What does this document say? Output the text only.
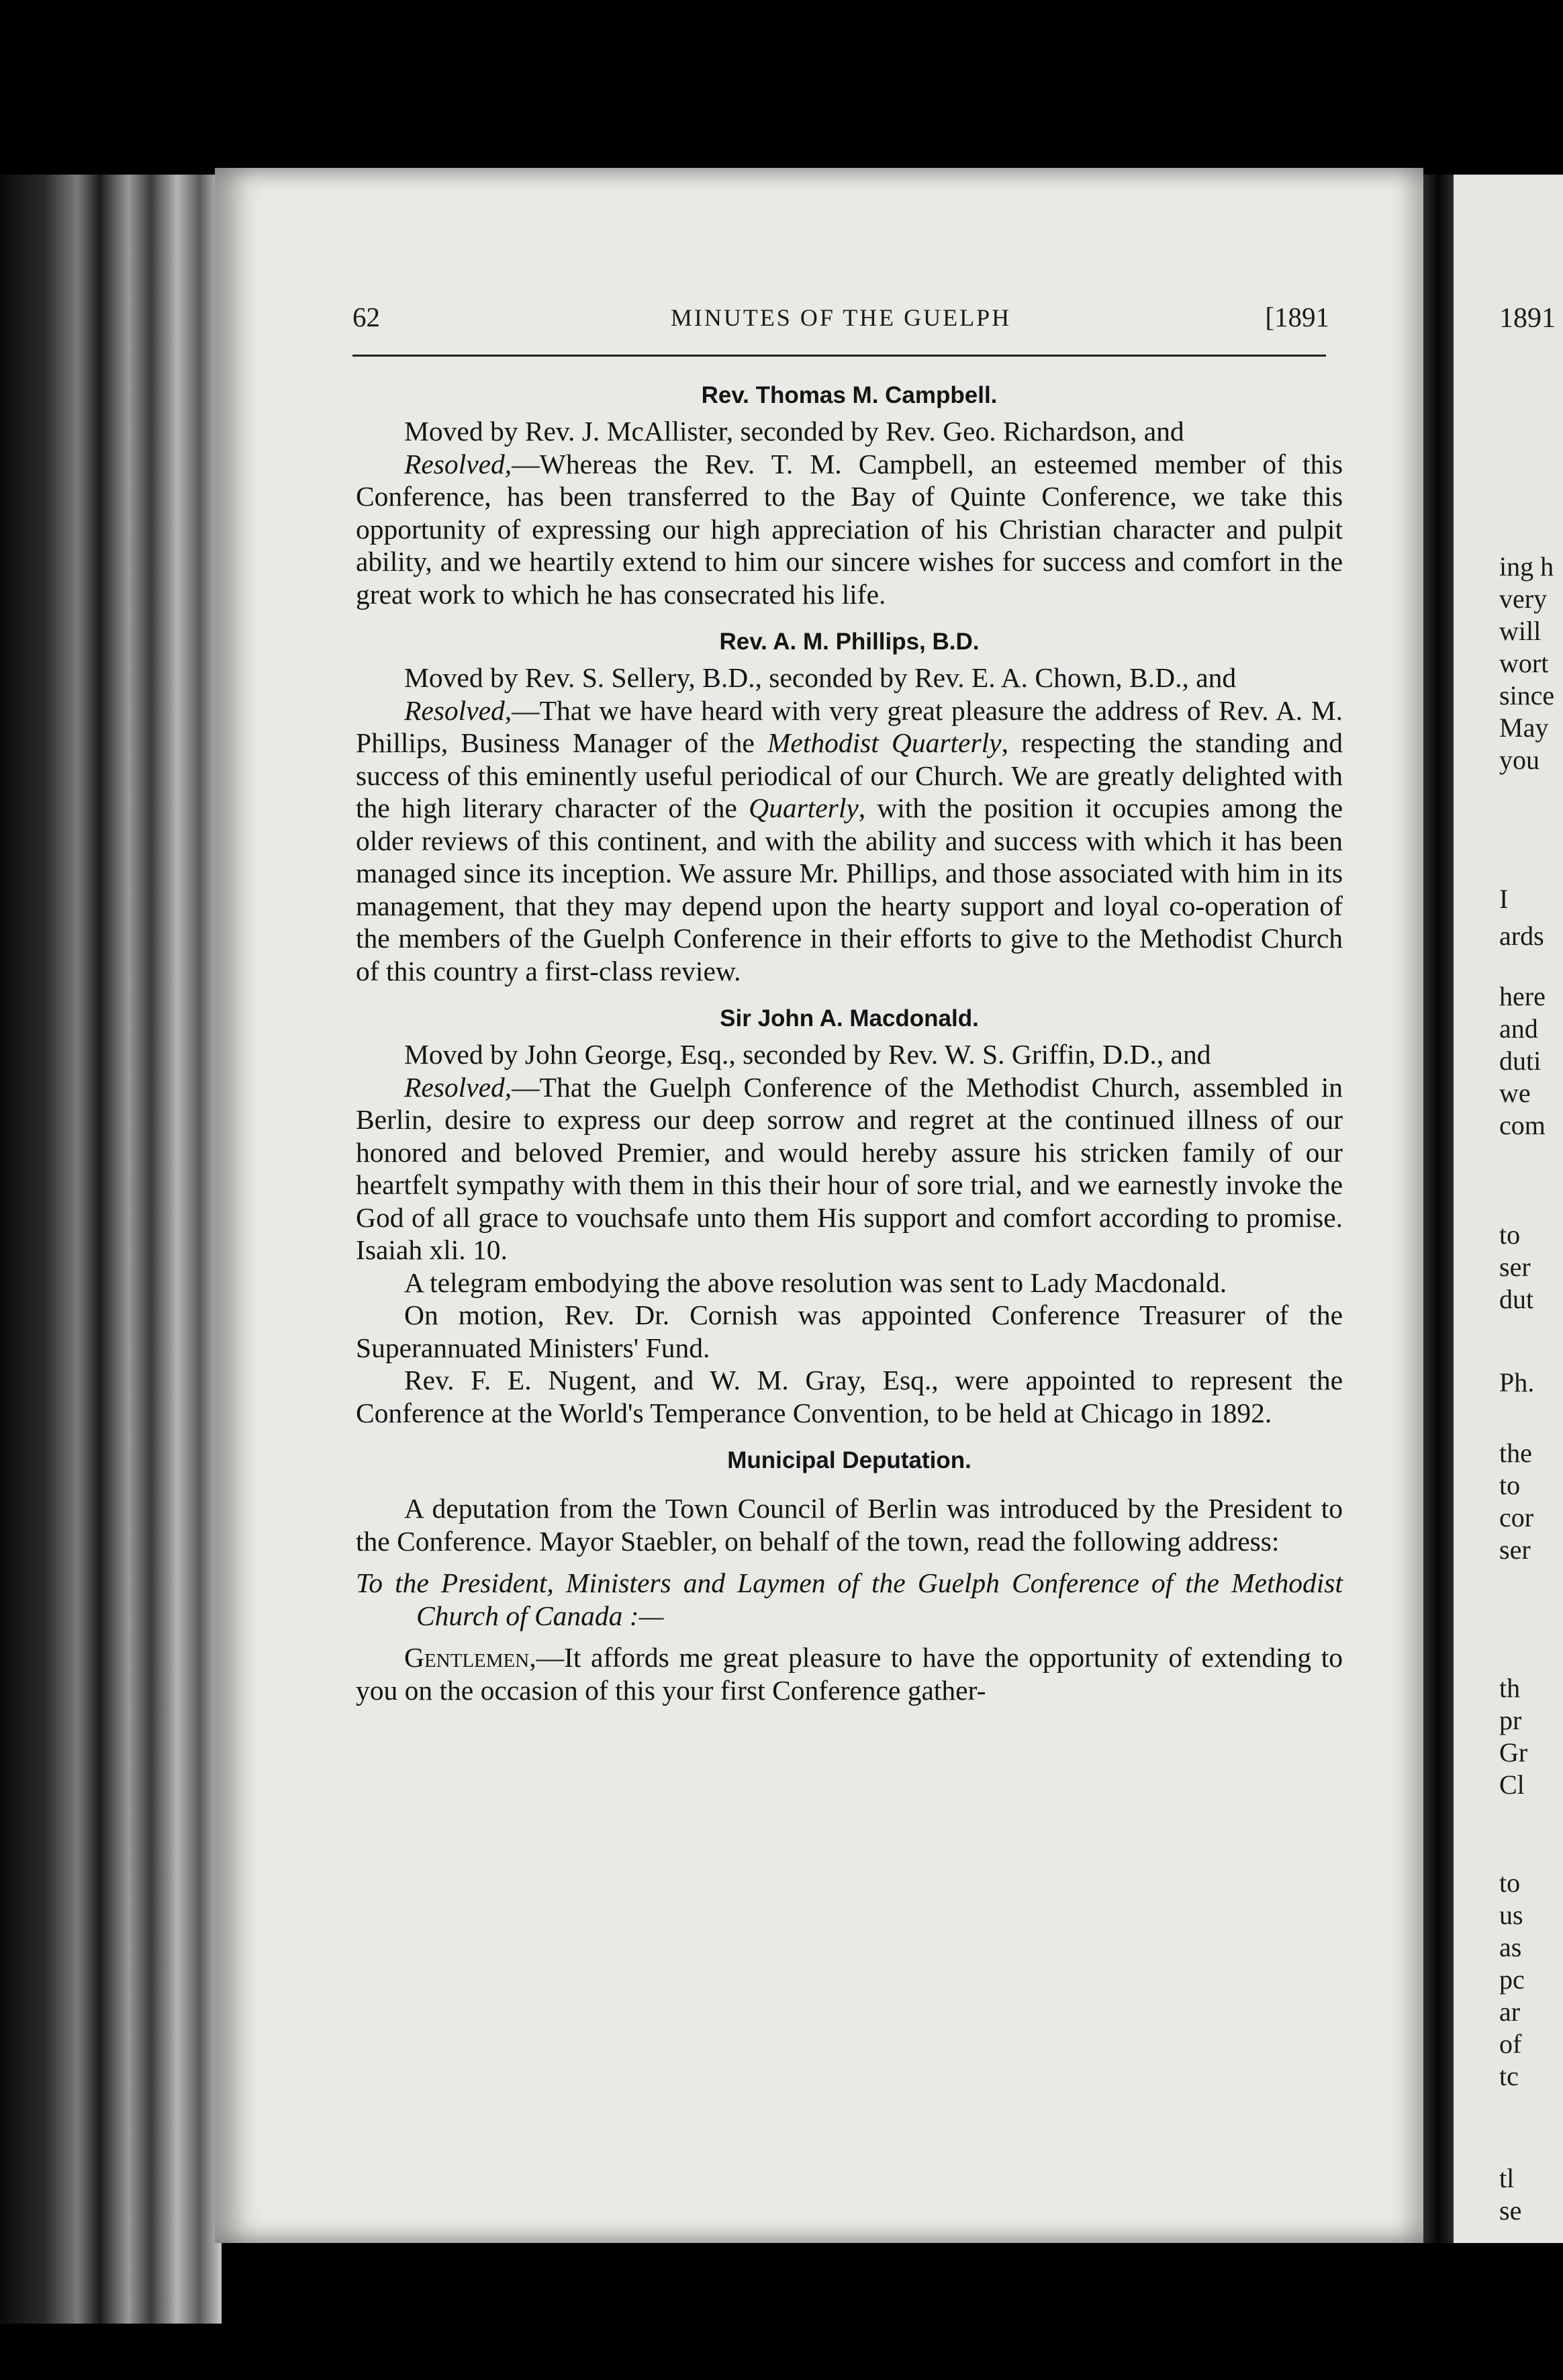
1891
ing h
very
will
wort
since
May
you
I
ards
here
and
duti
we
com
to
ser
dut
Ph.
the
to
cor
ser
th
pr
Gr
Cl
to
us
as
pc
ar
of
tc
tl
se
62	MINUTES OF THE GUELPH	[1891
Rev. Thomas M. Campbell.

Moved by Rev. J. McAllister, seconded by Rev. Geo. Richardson, and

Resolved,—Whereas the Rev. T. M. Campbell, an esteemed member of this Conference, has been transferred to the Bay of Quinte Conference, we take this opportunity of expressing our high appreciation of his Christian character and pulpit ability, and we heartily extend to him our sincere wishes for success and comfort in the great work to which he has consecrated his life.

Rev. A. M. Phillips, B.D.

Moved by Rev. S. Sellery, B.D., seconded by Rev. E. A. Chown, B.D., and

Resolved,—That we have heard with very great pleasure the address of Rev. A. M. Phillips, Business Manager of the Methodist Quarterly, respecting the standing and success of this eminently useful periodical of our Church. We are greatly delighted with the high literary character of the Quarterly, with the position it occupies among the older reviews of this continent, and with the ability and success with which it has been managed since its inception. We assure Mr. Phillips, and those associated with him in its management, that they may depend upon the hearty support and loyal co-operation of the members of the Guelph Conference in their efforts to give to the Methodist Church of this country a first-class review.

Sir John A. Macdonald.

Moved by John George, Esq., seconded by Rev. W. S. Griffin, D.D., and

Resolved,—That the Guelph Conference of the Methodist Church, assembled in Berlin, desire to express our deep sorrow and regret at the continued illness of our honored and beloved Premier, and would hereby assure his stricken family of our heartfelt sympathy with them in this their hour of sore trial, and we earnestly invoke the God of all grace to vouchsafe unto them His support and comfort according to promise. Isaiah xli. 10.

A telegram embodying the above resolution was sent to Lady Macdonald.

On motion, Rev. Dr. Cornish was appointed Conference Treasurer of the Superannuated Ministers' Fund.

Rev. F. E. Nugent, and W. M. Gray, Esq., were appointed to represent the Conference at the World's Temperance Convention, to be held at Chicago in 1892.

Municipal Deputation.

A deputation from the Town Council of Berlin was introduced by the President to the Conference. Mayor Staebler, on behalf of the town, read the following address:

To the President, Ministers and Laymen of the Guelph Conference of the Methodist Church of Canada :—

Gentlemen,—It affords me great pleasure to have the opportunity of extending to you on the occasion of this your first Conference gather-
